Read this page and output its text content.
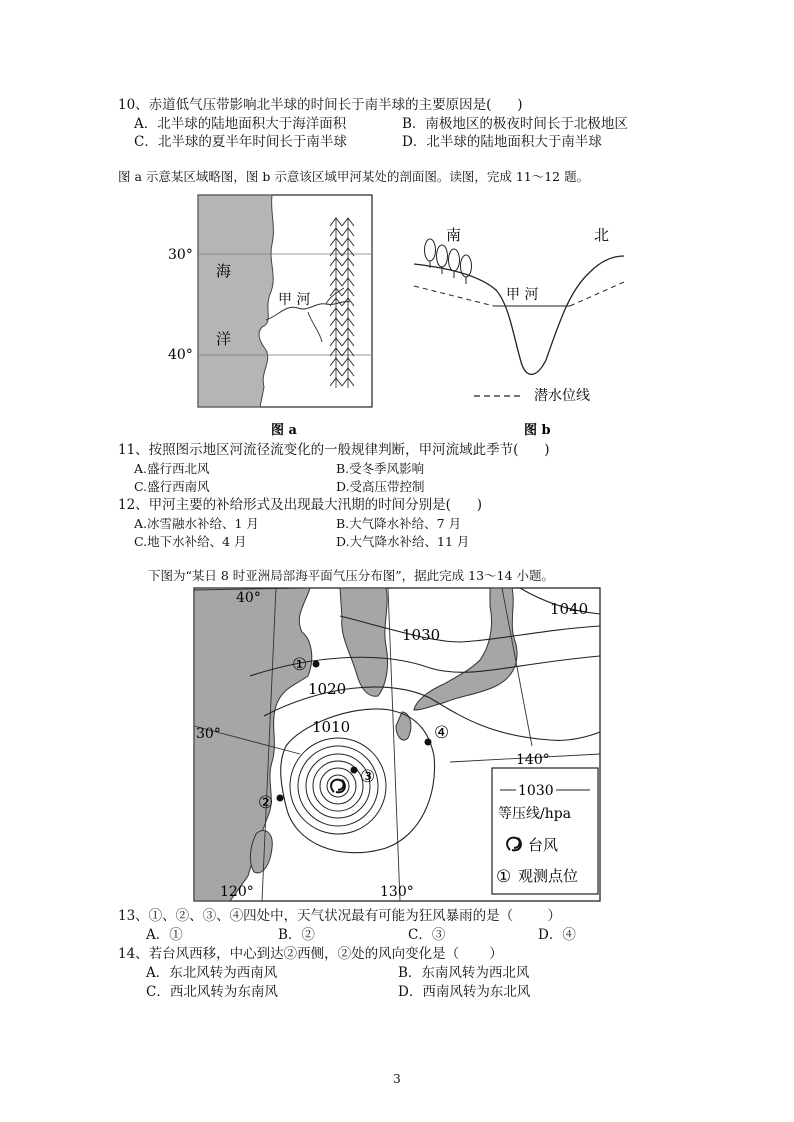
10、赤道低气压带影响北半球的时间长于南半球的主要原因是(      )
A．北半球的陆地面积大于海洋面积	B．南极地区的极夜时间长于北极地区
C．北半球的夏半年时间长于南半球	D．北半球的陆地面积大于南半球
图 a 示意某区域略图，图 b 示意该区域甲河某处的剖面图。读图，完成 11～12 题。
30°
40°
海
洋
甲 河
图 a
南	北
甲 河
潜水位线
图 b
11、按照图示地区河流径流变化的一般规律判断，甲河流域此季节(      )
A.盛行西北风	B.受冬季风影响
C.盛行西南风	D.受高压带控制
12、甲河主要的补给形式及出现最大汛期的时间分别是(      )
A.冰雪融水补给、1 月	B.大气降水补给、7 月
C.地下水补给、4 月	D.大气降水补给、11 月
下图为“某日 8 时亚洲局部海平面气压分布图”，据此完成 13～14 小题。
40°
30°
120°	130°
140°
1040
1030
1020
1010
①
②
③
④
1030
等压线/hpa
台风
① 观测点位
13、①、②、③、④四处中，天气状况最有可能为狂风暴雨的是（        ）
A．①	B．②	C．③	D．④
14、若台风西移，中心到达②西侧，②处的风向变化是（       ）
A．东北风转为西南风	B．东南风转为西北风
C．西北风转为东南风	D．西南风转为东北风
3
